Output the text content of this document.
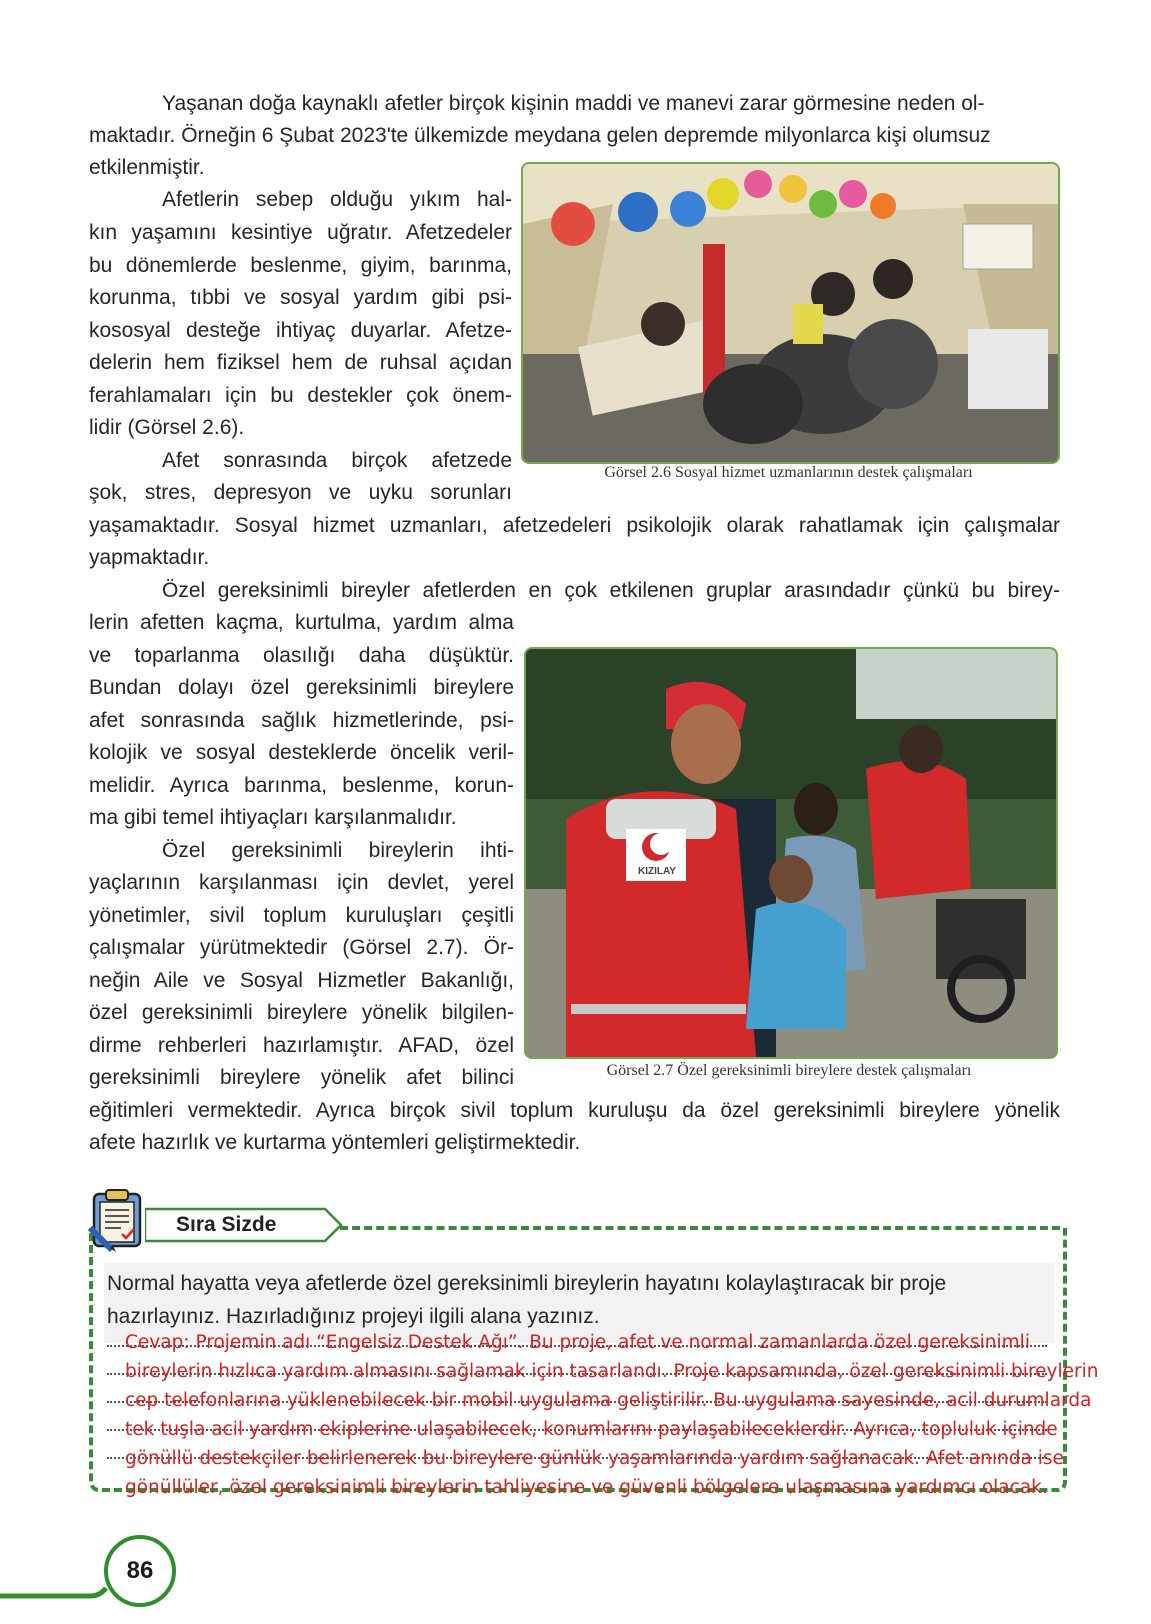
Yaşanan doğa kaynaklı afetler birçok kişinin maddi ve manevi zarar görmesine neden ol-
maktadır. Örneğin 6 Şubat 2023'te ülkemizde meydana gelen depremde milyonlarca kişi olumsuz
etkilenmiştir.
Afetlerin sebep olduğu yıkım hal-
kın yaşamını kesintiye uğratır. Afetzedeler
bu dönemlerde beslenme, giyim, barınma,
korunma, tıbbi ve sosyal yardım gibi psi-
kososyal desteğe ihtiyaç duyarlar. Afetze-
delerin hem fiziksel hem de ruhsal açıdan
ferahlamaları için bu destekler çok önem-
lidir (Görsel 2.6).
Afet sonrasında birçok afetzede
şok, stres, depresyon ve uyku sorunları
yaşamaktadır. Sosyal hizmet uzmanları, afetzedeleri psikolojik olarak rahatlamak için çalışmalar
yapmaktadır.
Özel gereksinimli bireyler afetlerden en çok etkilenen gruplar arasındadır çünkü bu birey-
lerin afetten kaçma, kurtulma, yardım alma
ve toparlanma olasılığı daha düşüktür.
Bundan dolayı özel gereksinimli bireylere
afet sonrasında sağlık hizmetlerinde, psi-
kolojik ve sosyal desteklerde öncelik veril-
melidir. Ayrıca barınma, beslenme, korun-
ma gibi temel ihtiyaçları karşılanmalıdır.
Özel gereksinimli bireylerin ihti-
yaçlarının karşılanması için devlet, yerel
yönetimler, sivil toplum kuruluşları çeşitli
çalışmalar yürütmektedir (Görsel 2.7). Ör-
neğin Aile ve Sosyal Hizmetler Bakanlığı,
özel gereksinimli bireylere yönelik bilgilen-
dirme rehberleri hazırlamıştır. AFAD, özel
gereksinimli bireylere yönelik afet bilinci
eğitimleri vermektedir. Ayrıca birçok sivil toplum kuruluşu da özel gereksinimli bireylere yönelik
afete hazırlık ve kurtarma yöntemleri geliştirmektedir.
Görsel 2.6 Sosyal hizmet uzmanlarının destek çalışmaları
KIZILAY
Görsel 2.7 Özel gereksinimli bireylere destek çalışmaları
Sıra Sizde
Normal hayatta veya afetlerde özel gereksinimli bireylerin hayatını kolaylaştıracak bir proje
hazırlayınız. Hazırladığınız projeyi ilgili alana yazınız.
Cevap: Projemin adı “Engelsiz Destek Ağı”. Bu proje, afet ve normal zamanlarda özel gereksinimli
bireylerin hızlıca yardım almasını sağlamak için tasarlandı. Proje kapsamında, özel gereksinimli bireylerin
cep telefonlarına yüklenebilecek bir mobil uygulama geliştirilir. Bu uygulama sayesinde, acil durumlarda
tek tuşla acil yardım ekiplerine ulaşabilecek, konumlarını paylaşabileceklerdir. Ayrıca, topluluk içinde
gönüllü destekçiler belirlenerek bu bireylere günlük yaşamlarında yardım sağlanacak. Afet anında ise
gönüllüler, özel gereksinimli bireylerin tahliyesine ve güvenli bölgelere ulaşmasına yardımcı olacak.
86
